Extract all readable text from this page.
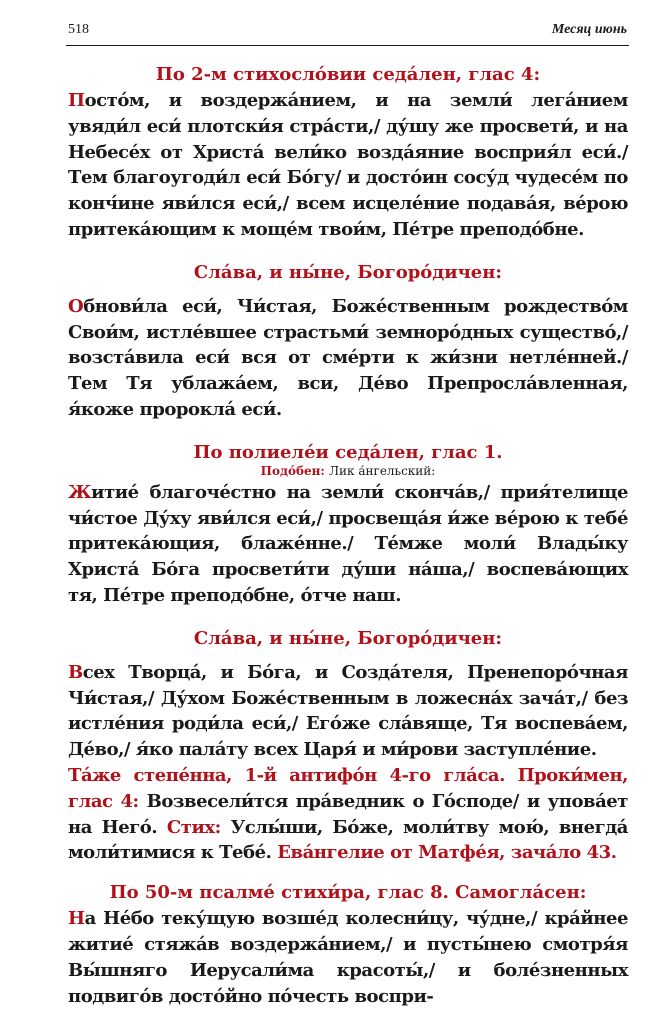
518	Месяц июнь

По 2-м стихосло́вии седа́лен, глас 4:

Посто́м, и воздержа́нием, и на земли́ лега́нием увяди́л еси́ плотски́я стра́сти,/ ду́шу же просвети́, и на Небесе́х от Христа́ вели́ко возда́яние восприя́л еси́./ Тем благоугоди́л еси́ Бо́гу/ и досто́ин сосу́д чудесе́м по конч́ине яви́лся еси́,/ всем исцеле́ние подава́я, ве́рою притека́ющим к моще́м твои́м, Пе́тре преподо́бне.

Сла́ва, и ны́не, Богоро́дичен:

Обнови́ла еси́, Чи́стая, Боже́ственным рождество́м Свои́м, истле́вшее страстьми́ земноро́дных существо́,/ возста́вила еси́ вся от сме́рти к жи́зни нетле́нней./ Тем Тя ублажа́ем, вси, Де́во Препросла́вленная, я́коже пророкла́ еси́.

По полиеле́и седа́лен, глас 1.

Подо́бен: Лик а́нгельский:

Житие́ благоче́стно на земли́ сконча́в,/ прия́телище чи́стое Ду́ху яви́лся еси́,/ просвеща́я и́же ве́рою к тебе́ притека́ющия, блаже́нне./ Те́мже моли́ Влады́ку Христа́ Бо́га просвети́ти ду́ши на́ша,/ воспева́ющих тя, Пе́тре преподо́бне, о́тче наш.

Сла́ва, и ны́не, Богоро́дичен:

Всех Творца́, и Бо́га, и Созда́теля, Пренепоро́чная Чи́стая,/ Ду́хом Боже́ственным в ложесна́х зача́т,/ без истле́ния роди́ла еси́,/ Его́же сла́вяще, Тя воспева́ем, Де́во,/ я́ко пала́ту всех Царя́ и ми́рови заступле́ние.

Та́же степе́нна, 1-й антифо́н 4-го гла́са. Проки́мен, глас 4: Возвесели́тся пра́ведник о Го́споде/ и упова́ет на Него́. Стих: Услы́ши, Бо́же, моли́тву мою́, внегда́ моли́тимися к Тебе́. Ева́нгелие от Матфе́я, зача́ло 43.

По 50-м псалме́ стихи́ра, глас 8. Самогла́сен:

На Не́бо теку́щую возше́д колесни́цу, чу́дне,/ кра́йнее житие́ стяжа́в воздержа́нием,/ и пусты́нею смотря́я Вы́шняго Иерусали́ма красоты́,/ и боле́зненных подвиго́в досто́йно по́честь воспри-
